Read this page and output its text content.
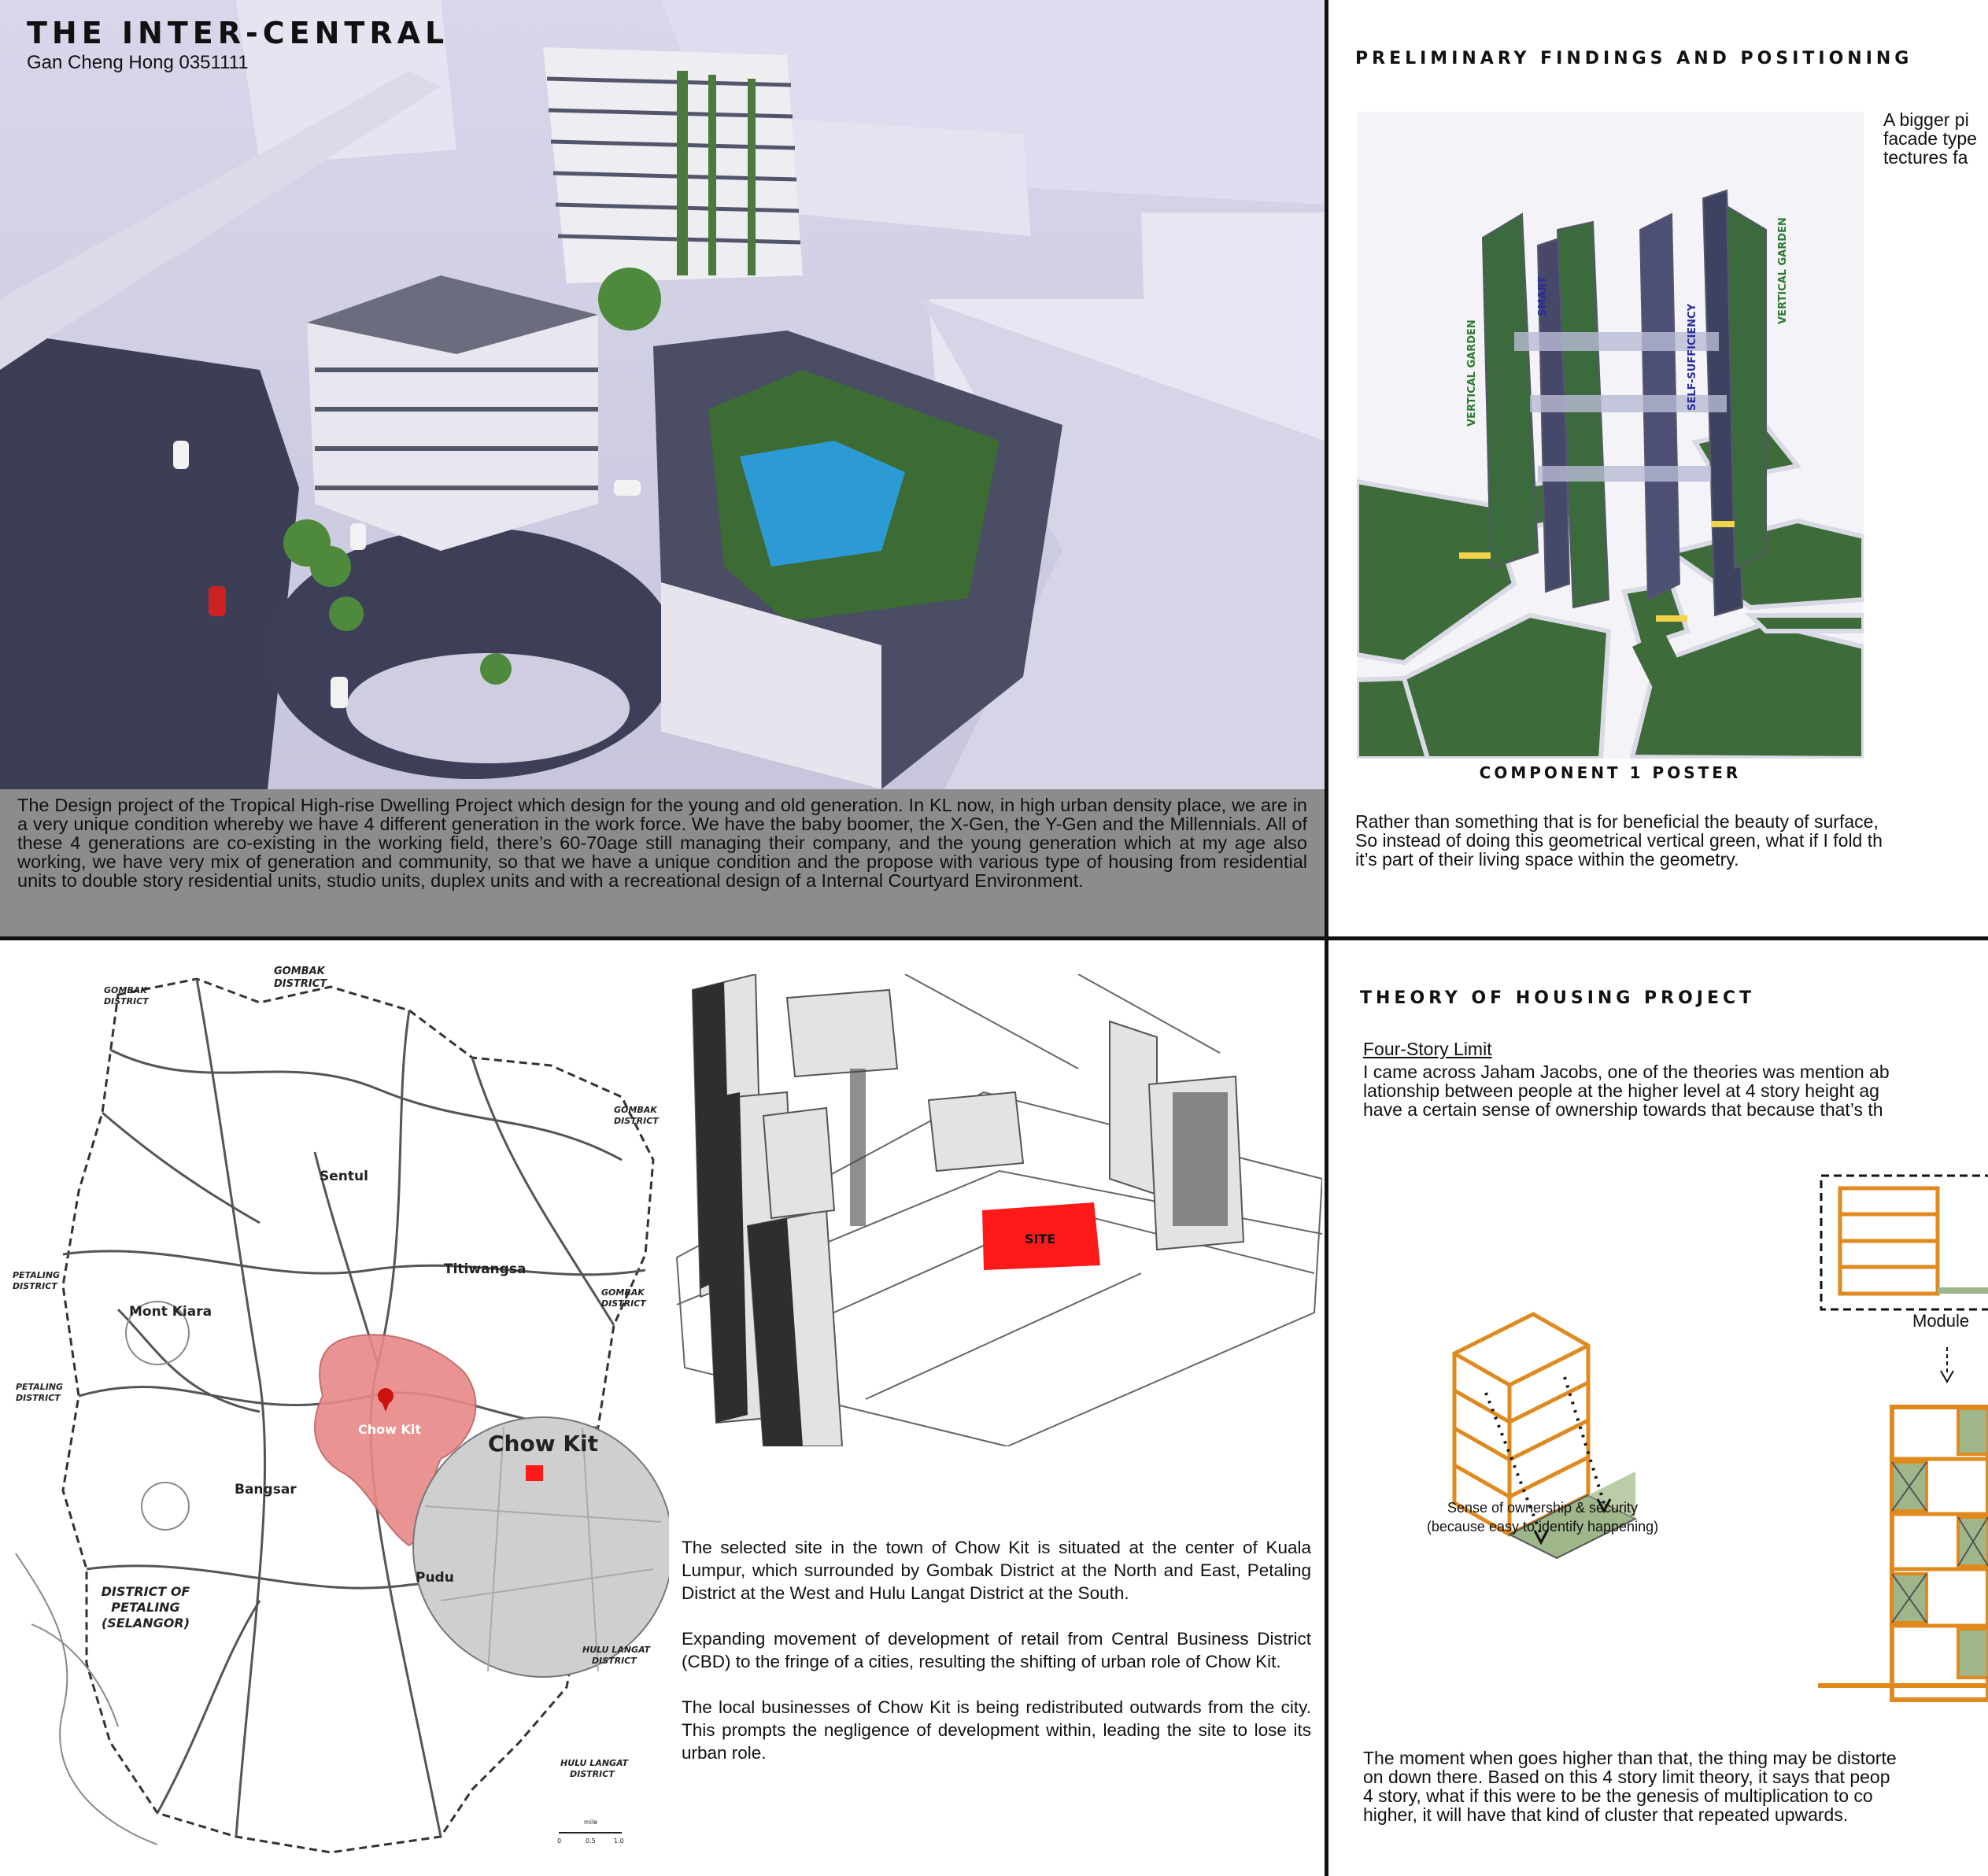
THE INTER-CENTRAL
Gan Cheng Hong 0351111
The Design project of the Tropical High-rise Dwelling Project which design for the young and old generation. In KL now, in high urban density place, we are in a very unique condition whereby we have 4 different generation in the work force. We have the baby boomer, the X-Gen, the Y-Gen and the Millennials. All of these 4 generations are co-existing in the working field, there’s 60-70age still managing their company, and the young generation which at my age also working, we have very mix of generation and community, so that we have a unique condition and the propose with various type of housing from residential units to double story residential units, studio units, duplex units and with a recreational design of a Internal Courtyard Environment.
PRELIMINARY FINDINGS AND POSITIONING
VERTICAL GARDEN
SMART
SELF-SUFFICIENCY
VERTICAL GARDEN
COMPONENT 1 POSTER
A bigger pi
facade type
tectures fa
Rather than something that is for beneficial the beauty of surface,
So instead of doing this geometrical vertical green, what if I fold th
it’s part of their living space within the geometry.
GOMBAK
DISTRICT
GOMBAK
DISTRICT
GOMBAK
DISTRICT
GOMBAK
DISTRICT
PETALING
DISTRICT
PETALING
DISTRICT
HULU LANGAT
DISTRICT
HULU LANGAT
DISTRICT
Sentul
Titiwangsa
Mont Kiara
Bangsar
Pudu
Chow Kit
Chow Kit
DISTRICT OF
PETALING
(SELANGOR)
mile
0	0.5	1.0
SITE

The selected site in the town of Chow Kit is situated at the center of Kuala Lumpur, which surrounded by Gombak District at the North and East, Petaling District at the West and Hulu Langat District at the South.

Expanding movement of development of retail from Central Business District (CBD) to the fringe of a cities, resulting the shifting of urban role of Chow Kit.

The local businesses of Chow Kit is being redistributed outwards from the city. This prompts the negligence of development within, leading the site to lose its urban role.

THEORY OF HOUSING PROJECT
Four-Story Limit
I came across Jaham Jacobs, one of the theories was mention ab
lationship between people at the higher level at 4 story height ag
have a certain sense of ownership towards that because that’s th
Sense of ownership & security
(because easy to identify happening)
Module
The moment when goes higher than that, the thing may be distorte
on down there. Based on this 4 story limit theory, it says that peop
4 story, what if this were to be the genesis of multiplication to co
higher, it will have that kind of cluster that repeated upwards.
